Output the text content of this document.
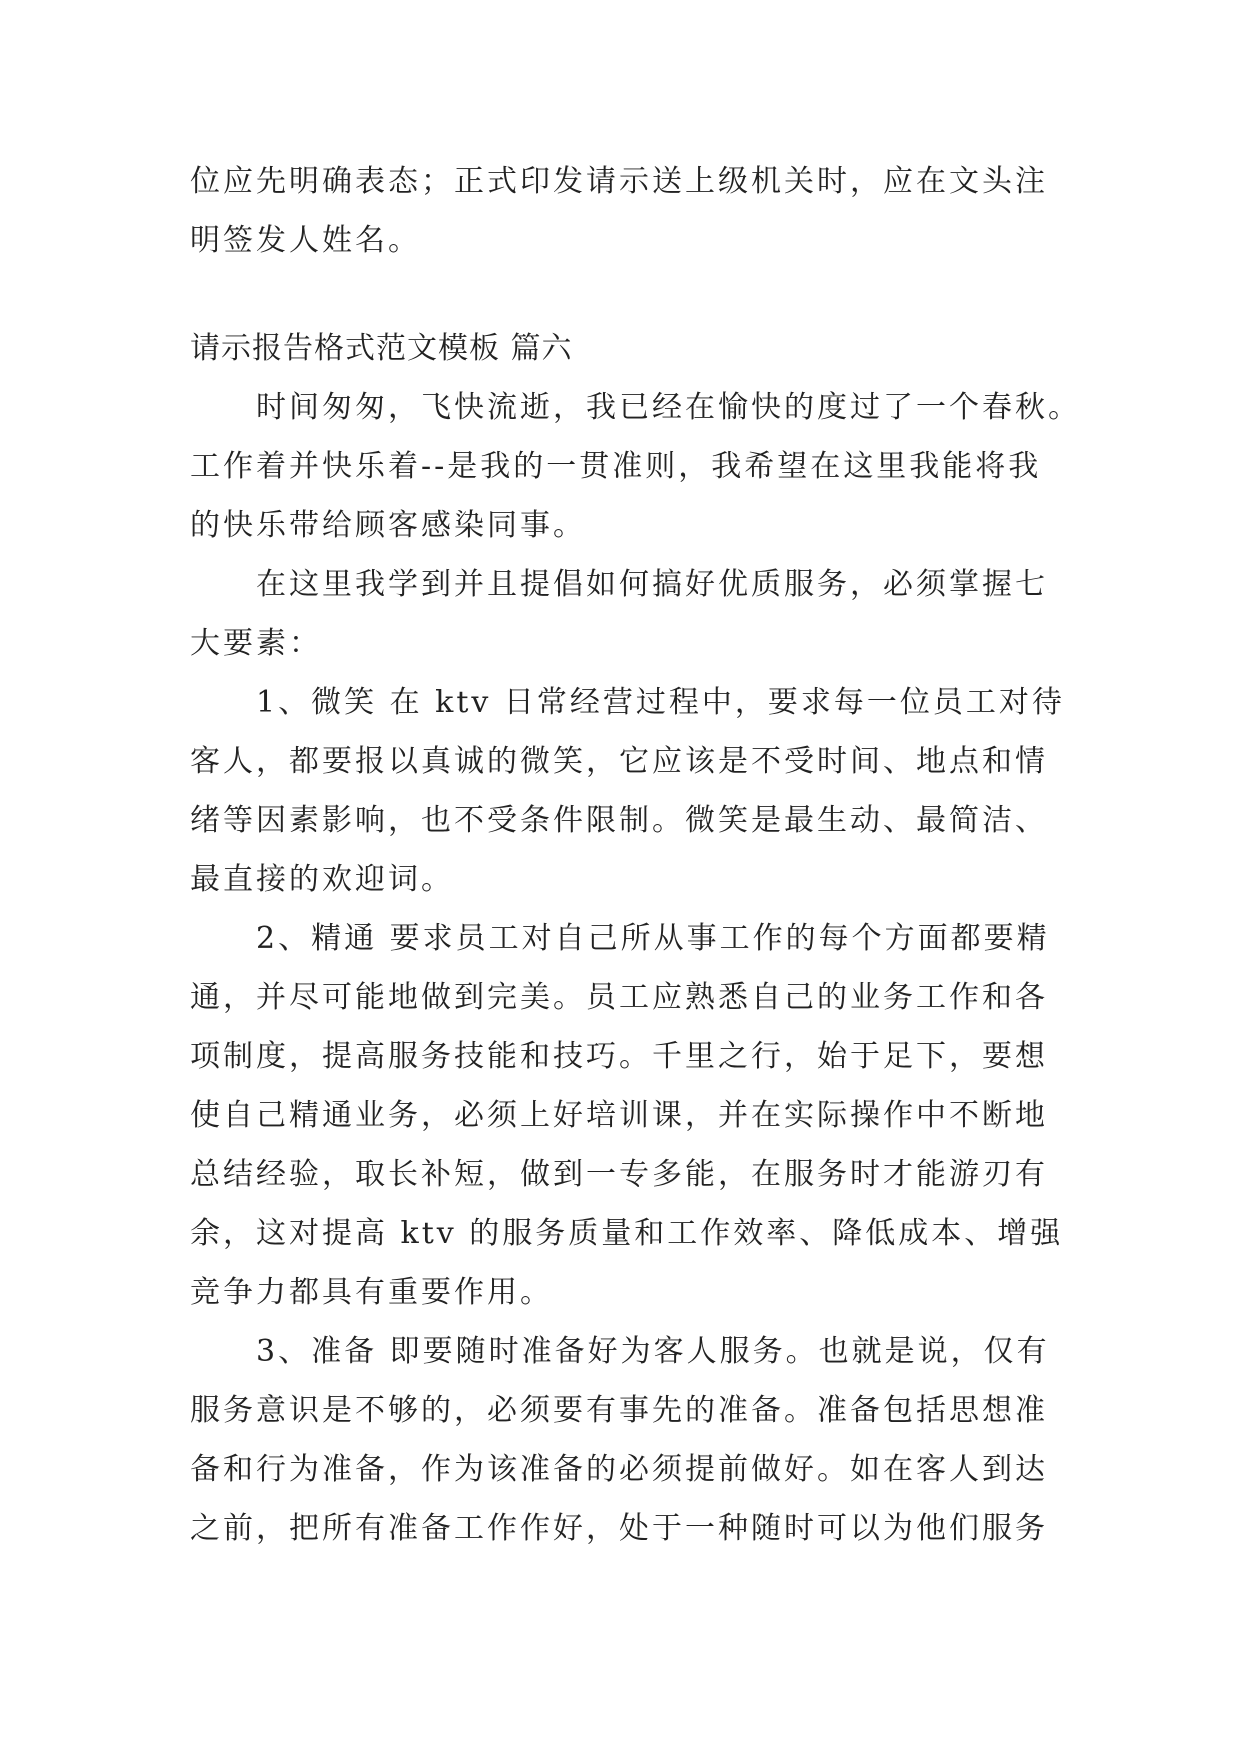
位应先明确表态；正式印发请示送上级机关时，应在文头注
明签发人姓名。
请示报告格式范文模板 篇六
时间匆匆，飞快流逝，我已经在愉快的度过了一个春秋。
工作着并快乐着--是我的一贯准则，我希望在这里我能将我
的快乐带给顾客感染同事。
在这里我学到并且提倡如何搞好优质服务，必须掌握七
大要素：
1、微笑 在 ktv 日常经营过程中，要求每一位员工对待
客人，都要报以真诚的微笑，它应该是不受时间、地点和情
绪等因素影响，也不受条件限制。微笑是最生动、最简洁、
最直接的欢迎词。
2、精通 要求员工对自己所从事工作的每个方面都要精
通，并尽可能地做到完美。员工应熟悉自己的业务工作和各
项制度，提高服务技能和技巧。千里之行，始于足下，要想
使自己精通业务，必须上好培训课，并在实际操作中不断地
总结经验，取长补短，做到一专多能，在服务时才能游刃有
余，这对提高 ktv 的服务质量和工作效率、降低成本、增强
竞争力都具有重要作用。
3、准备 即要随时准备好为客人服务。也就是说，仅有
服务意识是不够的，必须要有事先的准备。准备包括思想准
备和行为准备，作为该准备的必须提前做好。如在客人到达
之前，把所有准备工作作好，处于一种随时可以为他们服务
